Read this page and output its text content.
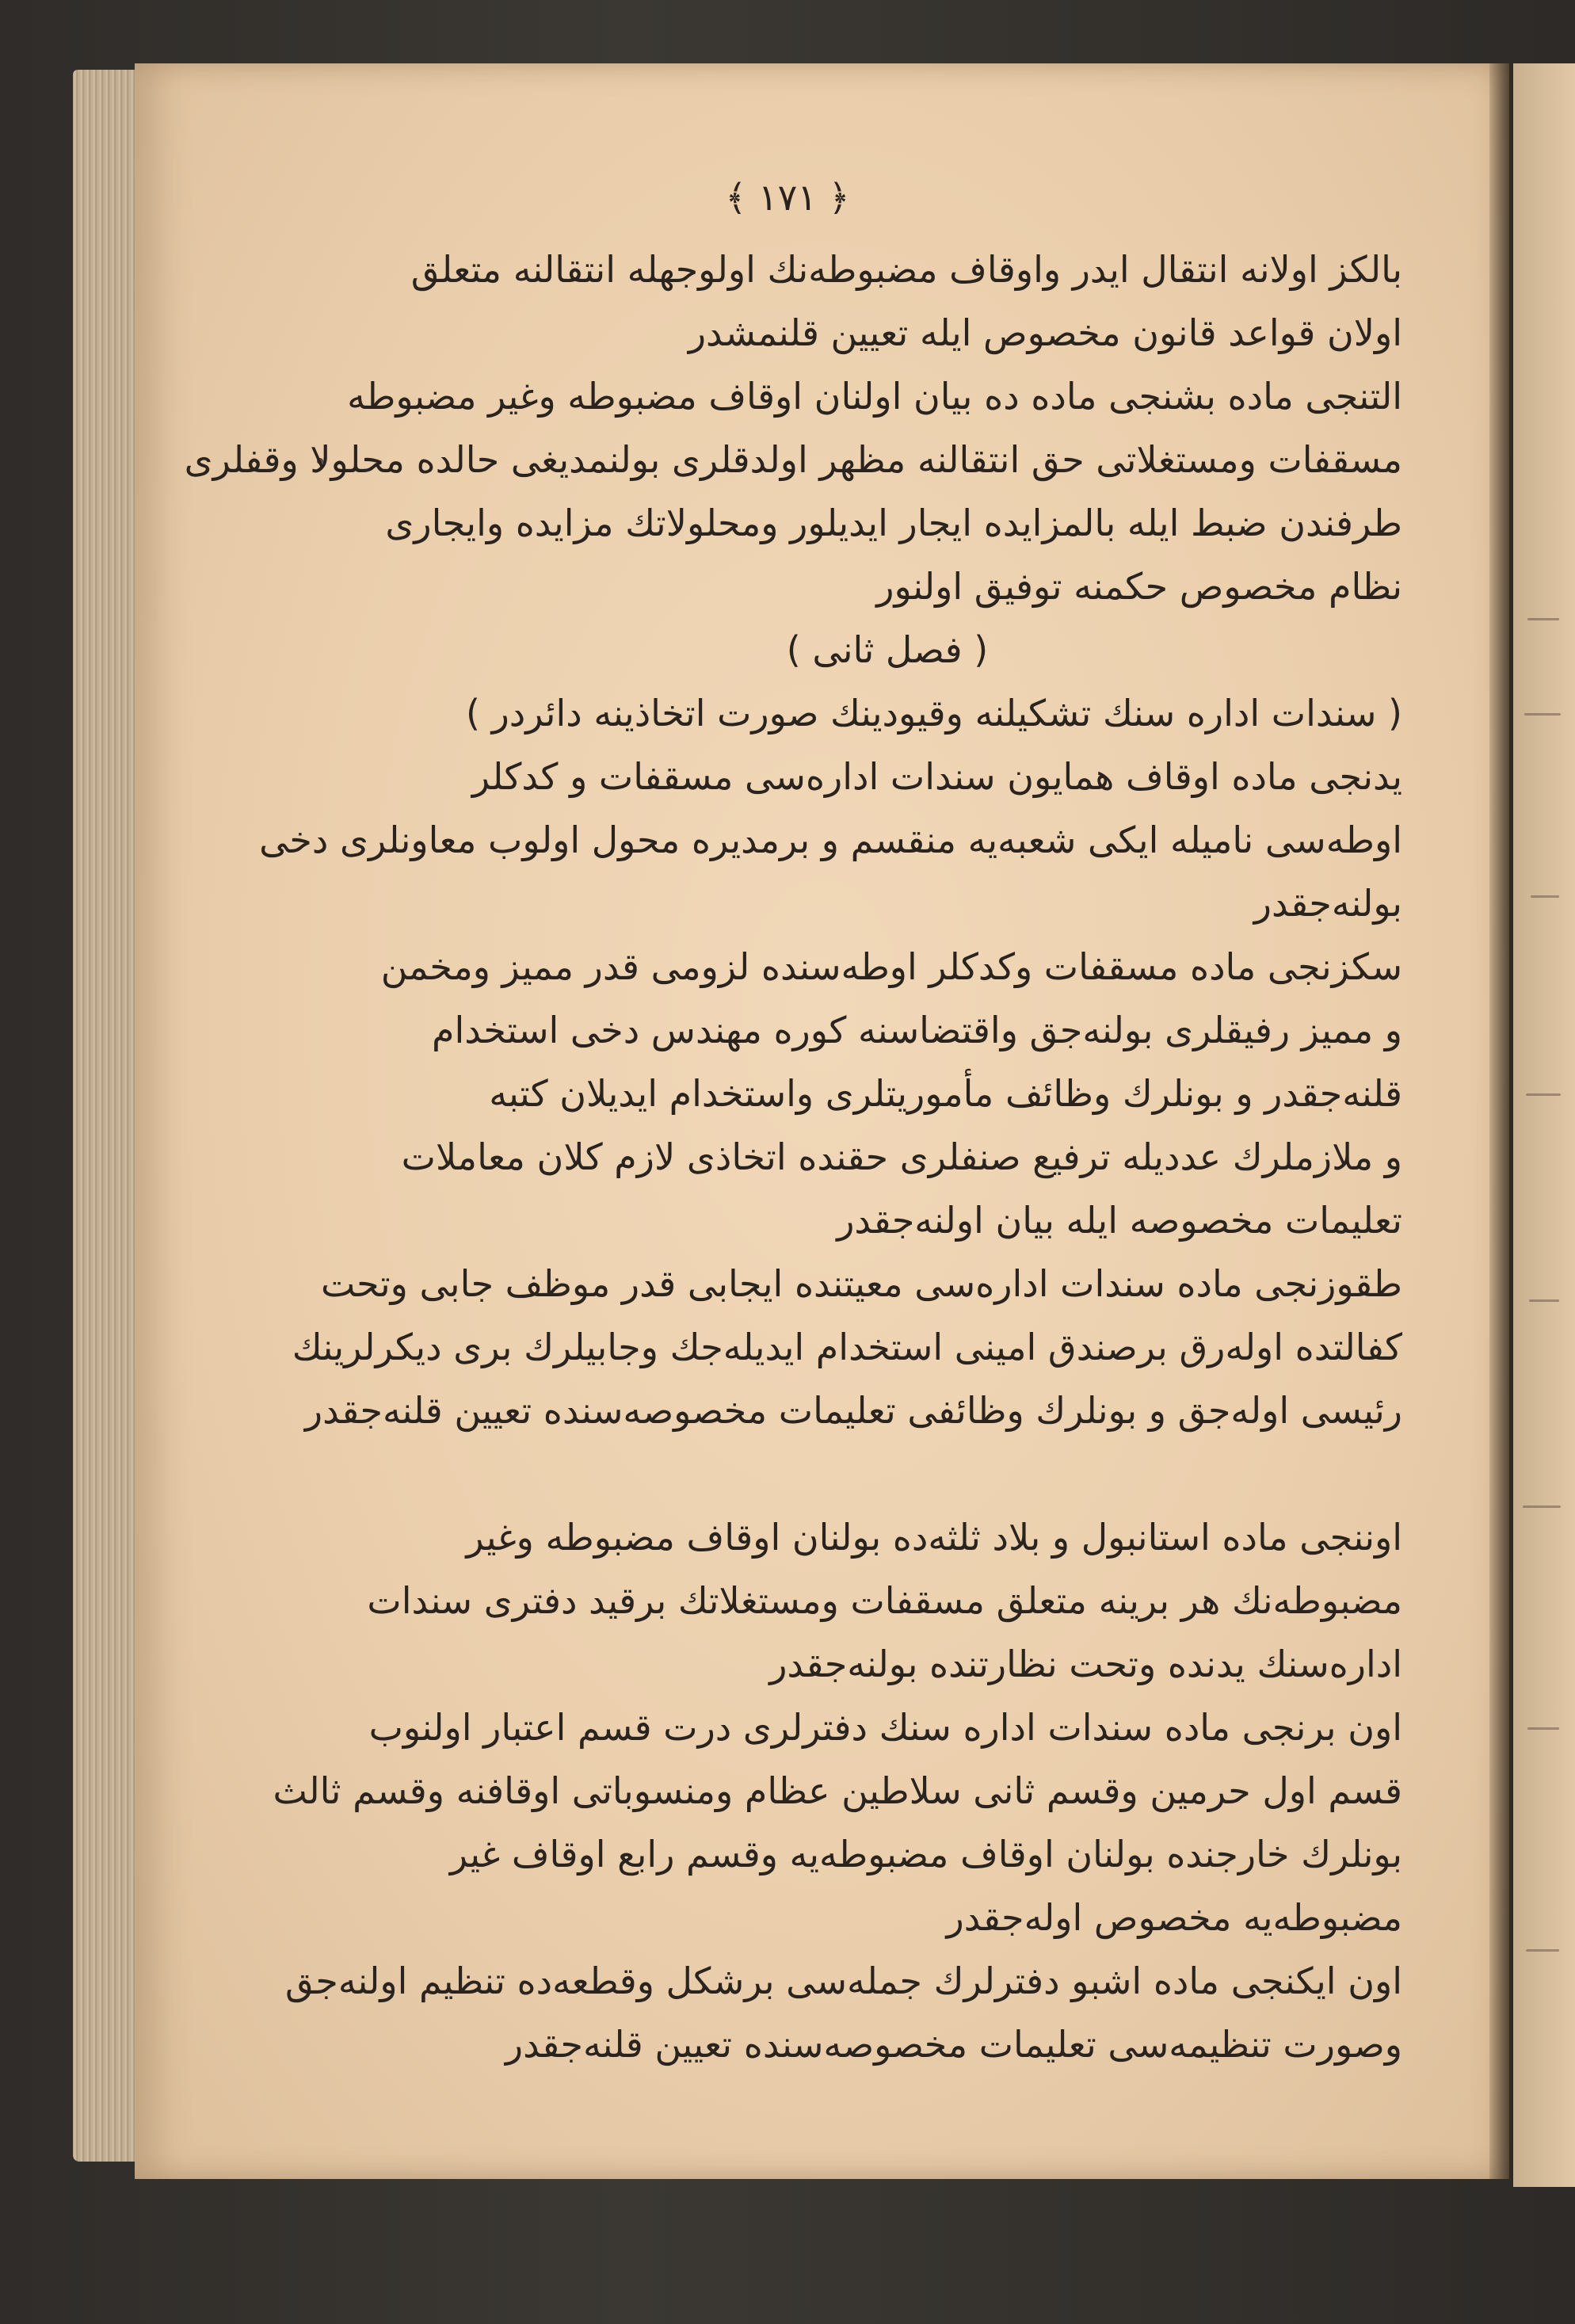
﴾ ۱۷۱ ﴿
بالکز اولانه انتقال ایدر واوقاف مضبوطه‌نك اولوجهله انتقالنه متعلق
اولان قواعد قانون مخصوص ایله تعیین قلنمشدر
التنجی ماده بشنجی ماده ده بیان اولنان اوقاف مضبوطه وغیر مضبوطه
مسقفات ومستغلاتی حق انتقالنه مظهر اولدقلری بولنمدیغی حالده محلولا وقفلری
طرفندن ضبط ایله بالمزایده ایجار ایدیلور ومحلولاتك مزایده وایجاری
نظام مخصوص حکمنه توفیق اولنور
( فصل ثانی )
( سندات اداره سنك تشکیلنه وقیودینك صورت اتخاذینه دائردر )
یدنجی ماده اوقاف همایون سندات اداره‌سی مسقفات و کدکلر
اوطه‌سی نامیله ایکی شعبه‌یه منقسم و برمدیره محول اولوب معاونلری دخی
بولنه‌جقدر
سکزنجی ماده مسقفات وکدکلر اوطه‌سنده لزومی قدر ممیز ومخمن
و ممیز رفیقلری بولنه‌جق واقتضاسنه کوره مهندس دخی استخدام
قلنه‌جقدر و بونلرك وظائف مأموریتلری واستخدام ایدیلان کتبه
و ملازملرك عددیله ترفیع صنفلری حقنده اتخاذی لازم کلان معاملات
تعلیمات مخصوصه ایله بیان اولنه‌جقدر
طقوزنجی ماده سندات اداره‌سی معیتنده ایجابی قدر موظف جابی وتحت
کفالتده اوله‌رق برصندق امینی استخدام ایدیله‌جك وجابیلرك بری دیکرلرینك
رئیسی اوله‌جق و بونلرك وظائفی تعلیمات مخصوصه‌سنده تعیین قلنه‌جقدر
اوننجی ماده استانبول و بلاد ثلثه‌ده بولنان اوقاف مضبوطه وغیر
مضبوطه‌نك هر برینه متعلق مسقفات ومستغلاتك برقید دفتری سندات
اداره‌سنك یدنده وتحت نظارتنده بولنه‌جقدر
اون برنجی ماده سندات اداره سنك دفترلری درت قسم اعتبار اولنوب
قسم اول حرمین وقسم ثانی سلاطین عظام ومنسوباتی اوقافنه وقسم ثالث
بونلرك خارجنده بولنان اوقاف مضبوطه‌یه وقسم رابع اوقاف غیر
مضبوطه‌یه مخصوص اوله‌جقدر
اون ایکنجی ماده اشبو دفترلرك جمله‌سی برشکل وقطعه‌ده تنظیم اولنه‌جق
وصورت تنظیمه‌سی تعلیمات مخصوصه‌سنده تعیین قلنه‌جقدر
